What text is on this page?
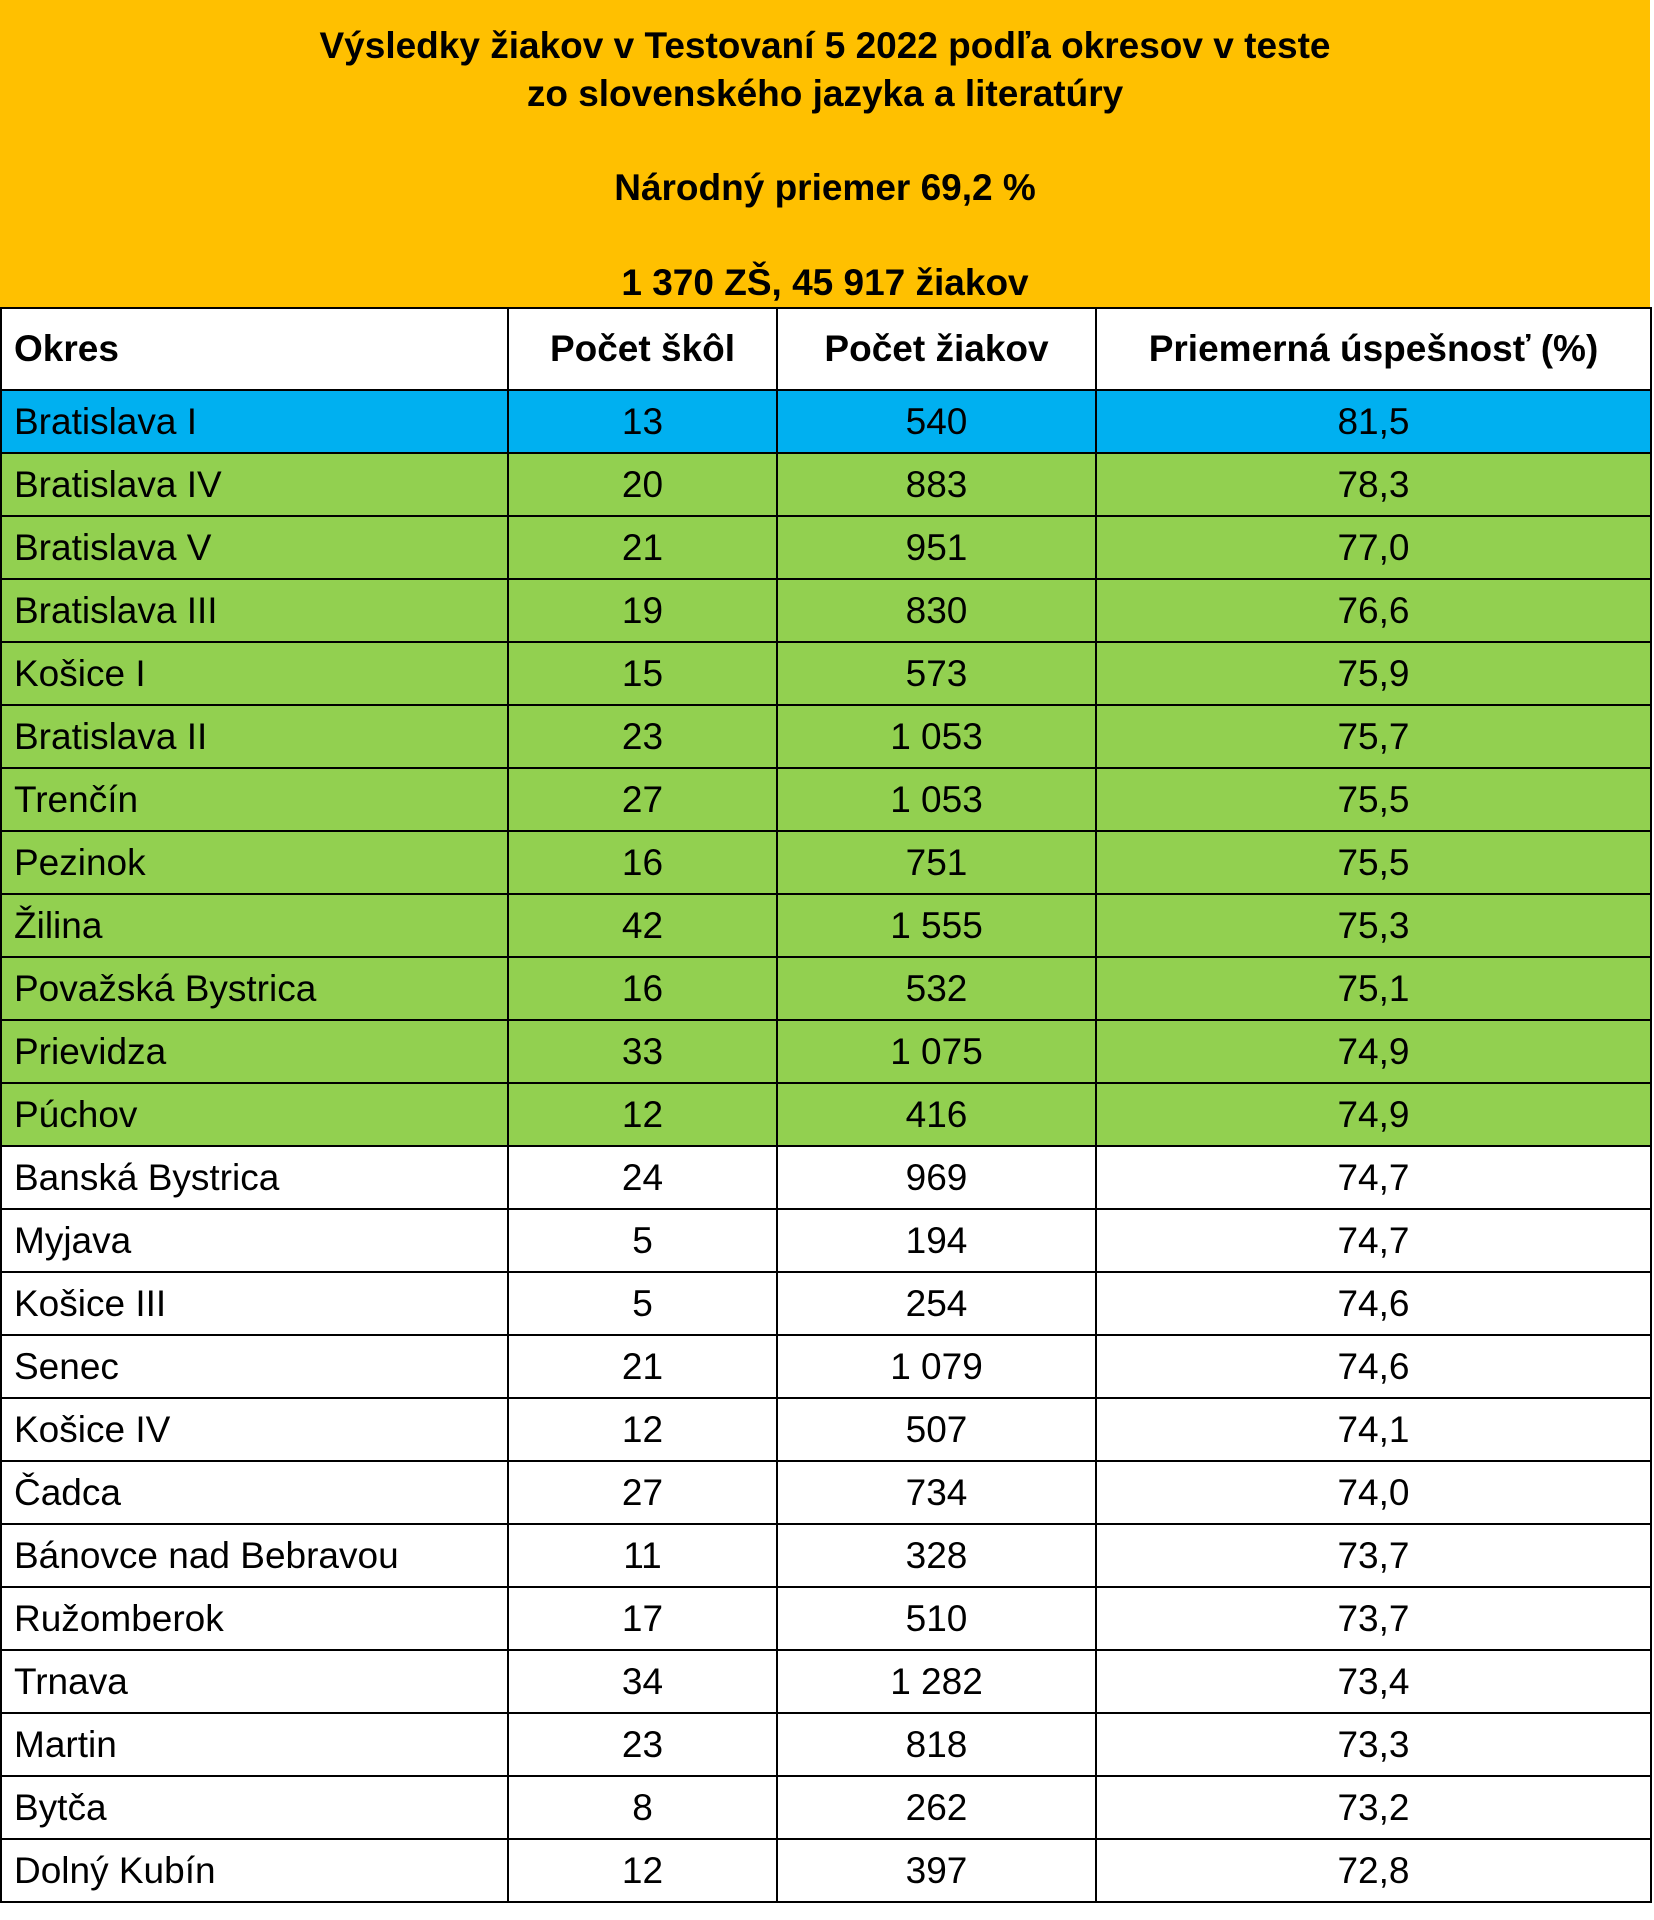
Výsledky žiakov v Testovaní 5 2022 podľa okresov v teste
zo slovenského jazyka a literatúry
Národný priemer 69,2 %
1 370 ZŠ, 45 917 žiakov
Okres	Počet škôl	Počet žiakov	Priemerná úspešnosť (%)
Bratislava I	13	540	81,5
Bratislava IV	20	883	78,3
Bratislava V	21	951	77,0
Bratislava III	19	830	76,6
Košice I	15	573	75,9
Bratislava II	23	1 053	75,7
Trenčín	27	1 053	75,5
Pezinok	16	751	75,5
Žilina	42	1 555	75,3
Považská Bystrica	16	532	75,1
Prievidza	33	1 075	74,9
Púchov	12	416	74,9
Banská Bystrica	24	969	74,7
Myjava	5	194	74,7
Košice III	5	254	74,6
Senec	21	1 079	74,6
Košice IV	12	507	74,1
Čadca	27	734	74,0
Bánovce nad Bebravou	11	328	73,7
Ružomberok	17	510	73,7
Trnava	34	1 282	73,4
Martin	23	818	73,3
Bytča	8	262	73,2
Dolný Kubín	12	397	72,8
